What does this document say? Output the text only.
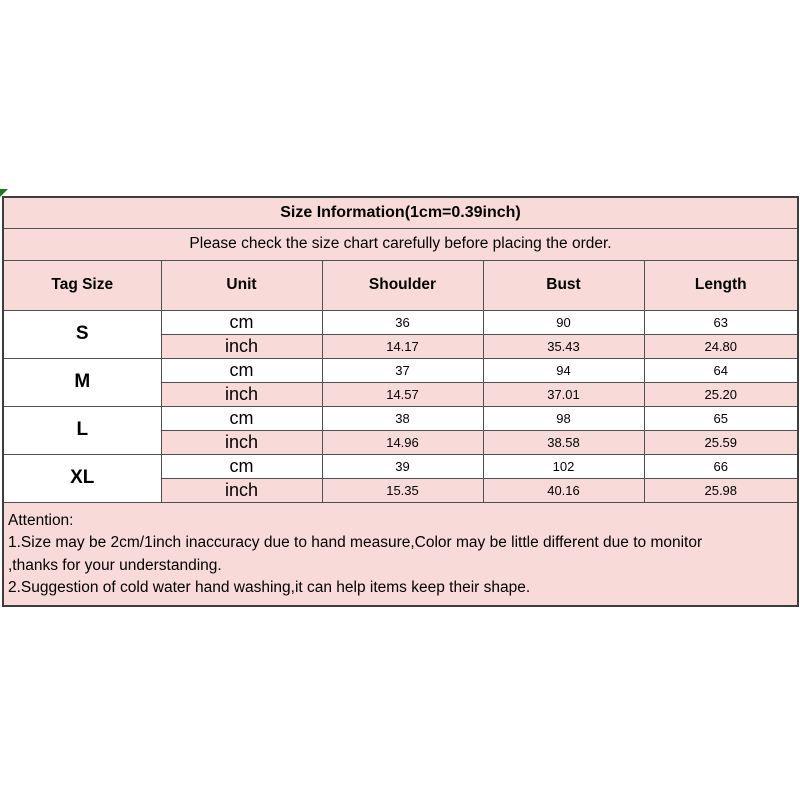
Size Information(1cm=0.39inch)				
Please check the size chart carefully before placing the order.				
Tag Size	Unit	Shoulder	Bust	Length
S	cm	36	90	63
	inch	14.17	35.43	24.80
M	cm	37	94	64
	inch	14.57	37.01	25.20
L	cm	38	98	65
	inch	14.96	38.58	25.59
XL	cm	39	102	66
	inch	15.35	40.16	25.98

Attention:
1.Size may be 2cm/1inch inaccuracy due to hand measure,Color may be little different due to monitor
,thanks for your understanding.
2.Suggestion of cold water hand washing,it can help items keep their shape.				
